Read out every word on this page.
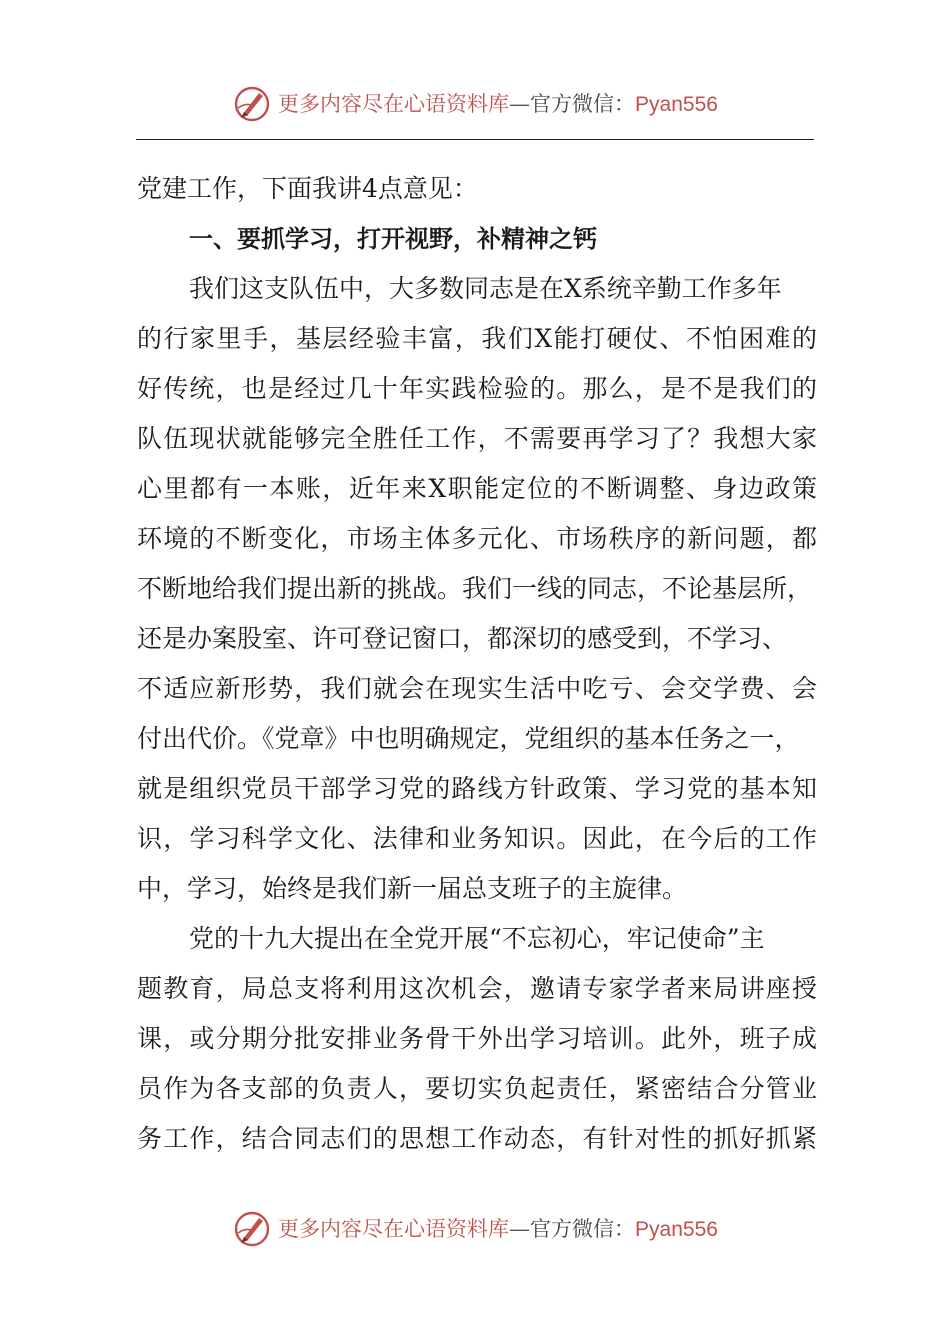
更多内容尽在心语资料库—官方微信：Pyan556
党建工作，下面我讲4点意见：
一、要抓学习，打开视野，补精神之钙
我们这支队伍中，大多数同志是在X系统辛勤工作多年
的行家里手，基层经验丰富，我们X能打硬仗、不怕困难的
好传统，也是经过几十年实践检验的。那么，是不是我们的
队伍现状就能够完全胜任工作，不需要再学习了？我想大家
心里都有一本账，近年来X职能定位的不断调整、身边政策
环境的不断变化，市场主体多元化、市场秩序的新问题，都
不断地给我们提出新的挑战。我们一线的同志，不论基层所，
还是办案股室、许可登记窗口，都深切的感受到，不学习、
不适应新形势，我们就会在现实生活中吃亏、会交学费、会
付出代价。《党章》中也明确规定，党组织的基本任务之一，
就是组织党员干部学习党的路线方针政策、学习党的基本知
识，学习科学文化、法律和业务知识。因此，在今后的工作
中，学习，始终是我们新一届总支班子的主旋律。
党的十九大提出在全党开展“不忘初心，牢记使命”主
题教育，局总支将利用这次机会，邀请专家学者来局讲座授
课，或分期分批安排业务骨干外出学习培训。此外，班子成
员作为各支部的负责人，要切实负起责任，紧密结合分管业
务工作，结合同志们的思想工作动态，有针对性的抓好抓紧
更多内容尽在心语资料库—官方微信：Pyan556
